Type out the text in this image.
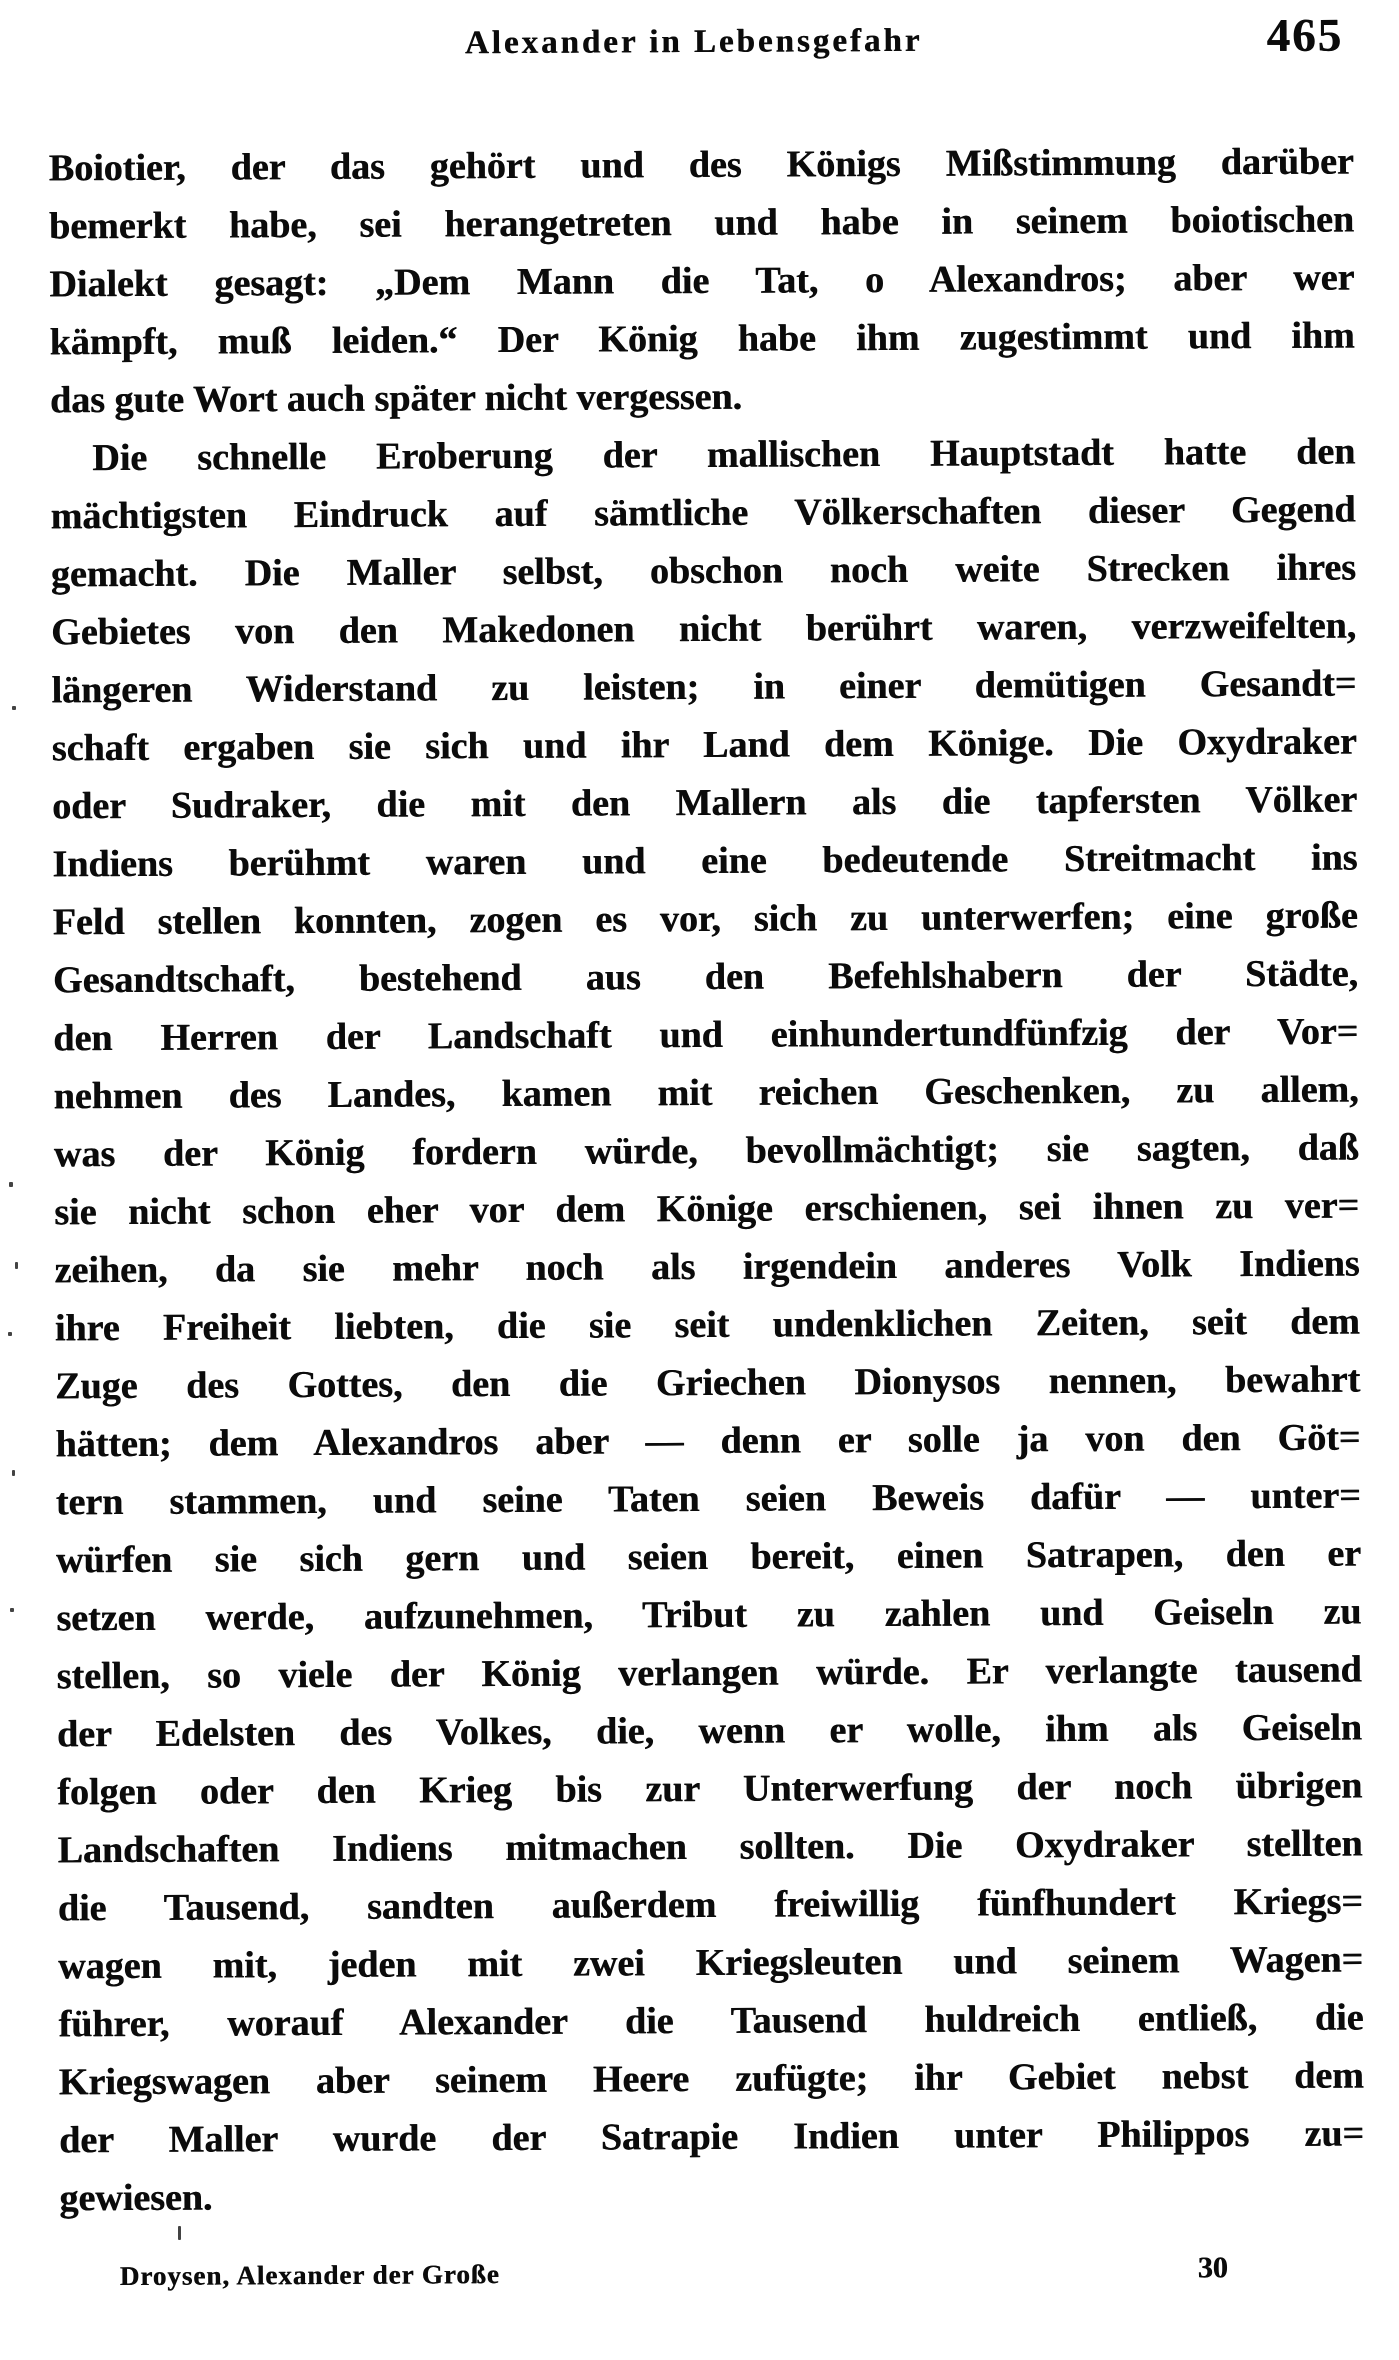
Alexander in Lebensgefahr	465
Boiotier, der das gehört und des Königs Mißstimmung darüber
bemerkt habe, sei herangetreten und habe in seinem boiotischen
Dialekt gesagt: „Dem Mann die Tat, o Alexandros; aber wer
kämpft, muß leiden.“ Der König habe ihm zugestimmt und ihm
das gute Wort auch später nicht vergessen.
Die schnelle Eroberung der mallischen Hauptstadt hatte den
mächtigsten Eindruck auf sämtliche Völkerschaften dieser Gegend
gemacht. Die Maller selbst, obschon noch weite Strecken ihres
Gebietes von den Makedonen nicht berührt waren, verzweifelten,
längeren Widerstand zu leisten; in einer demütigen Gesandt=
schaft ergaben sie sich und ihr Land dem Könige. Die Oxydraker
oder Sudraker, die mit den Mallern als die tapfersten Völker
Indiens berühmt waren und eine bedeutende Streitmacht ins
Feld stellen konnten, zogen es vor, sich zu unterwerfen; eine große
Gesandtschaft, bestehend aus den Befehlshabern der Städte,
den Herren der Landschaft und einhundertundfünfzig der Vor=
nehmen des Landes, kamen mit reichen Geschenken, zu allem,
was der König fordern würde, bevollmächtigt; sie sagten, daß
sie nicht schon eher vor dem Könige erschienen, sei ihnen zu ver=
zeihen, da sie mehr noch als irgendein anderes Volk Indiens
ihre Freiheit liebten, die sie seit undenklichen Zeiten, seit dem
Zuge des Gottes, den die Griechen Dionysos nennen, bewahrt
hätten; dem Alexandros aber — denn er solle ja von den Göt=
tern stammen, und seine Taten seien Beweis dafür — unter=
würfen sie sich gern und seien bereit, einen Satrapen, den er
setzen werde, aufzunehmen, Tribut zu zahlen und Geiseln zu
stellen, so viele der König verlangen würde. Er verlangte tausend
der Edelsten des Volkes, die, wenn er wolle, ihm als Geiseln
folgen oder den Krieg bis zur Unterwerfung der noch übrigen
Landschaften Indiens mitmachen sollten. Die Oxydraker stellten
die Tausend, sandten außerdem freiwillig fünfhundert Kriegs=
wagen mit, jeden mit zwei Kriegsleuten und seinem Wagen=
führer, worauf Alexander die Tausend huldreich entließ, die
Kriegswagen aber seinem Heere zufügte; ihr Gebiet nebst dem
der Maller wurde der Satrapie Indien unter Philippos zu=
gewiesen.
Droysen, Alexander der Große	30
